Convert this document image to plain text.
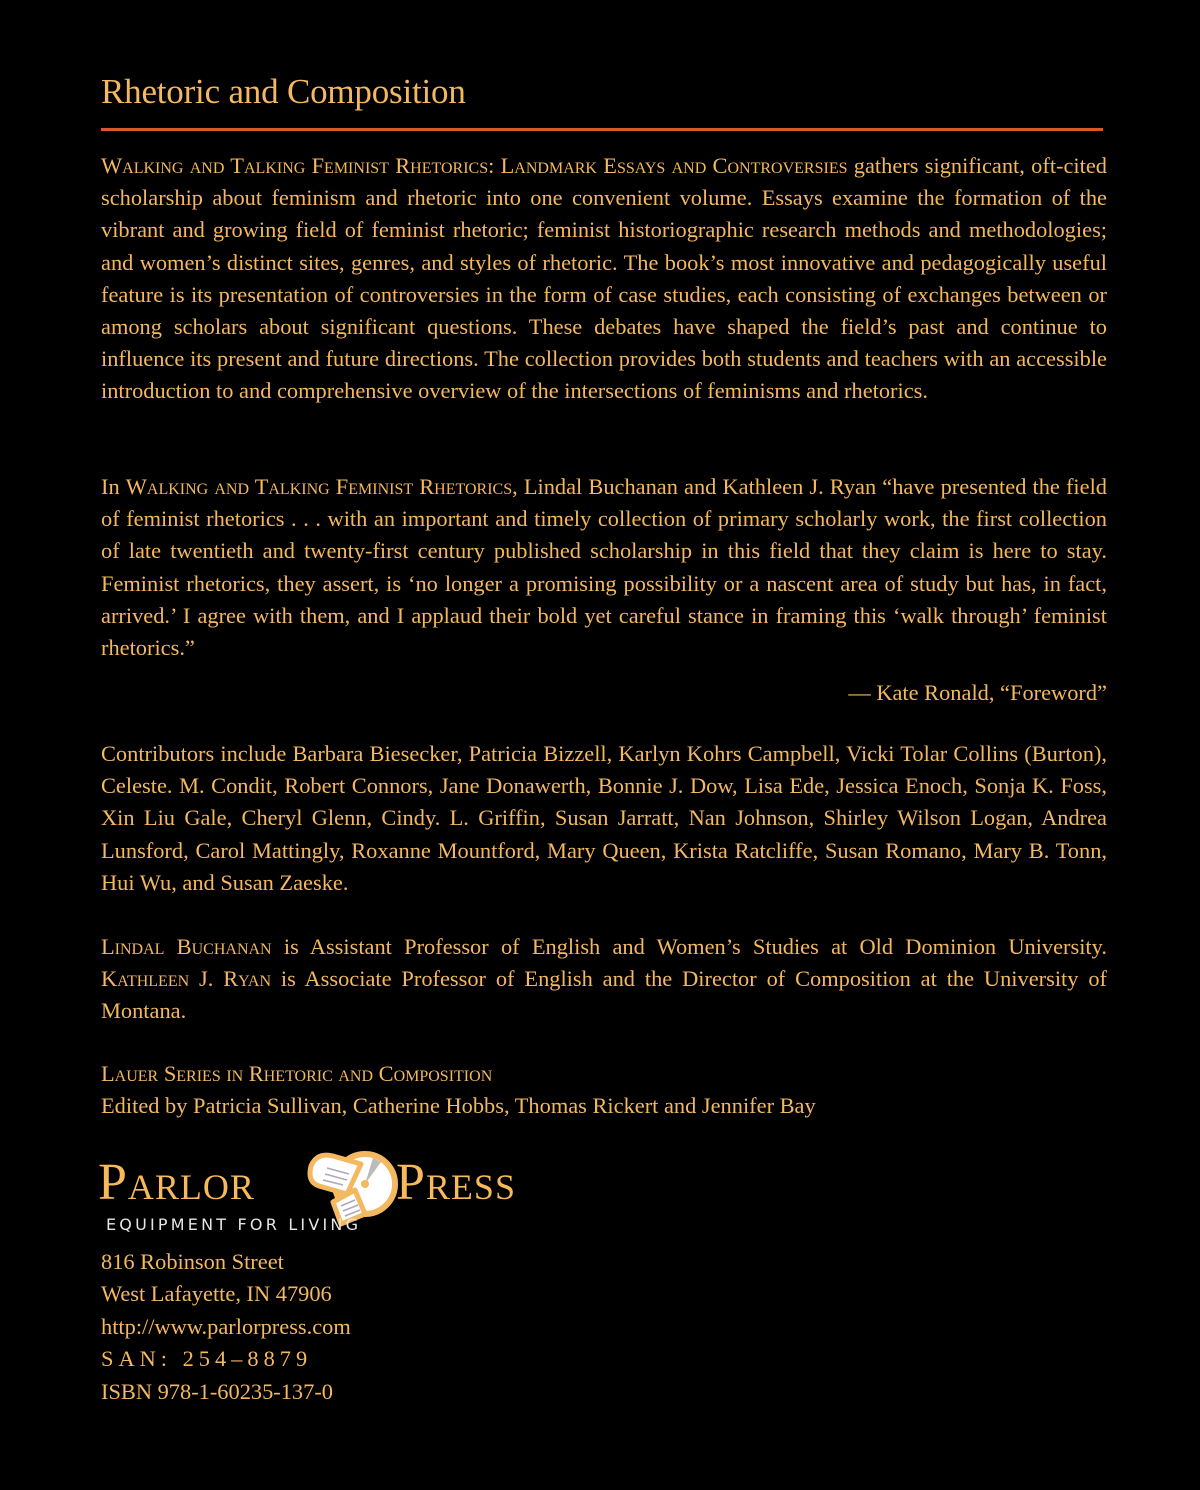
Rhetoric and Composition
Walking and Talking Feminist Rhetorics: Landmark Essays and Controversies gathers significant, oft-cited scholarship about feminism and rhetoric into one convenient volume. Essays examine the formation of the vibrant and growing field of feminist rhetoric; feminist historiographic research methods and methodologies; and women’s distinct sites, genres, and styles of rhetoric. The book’s most innovative and pedagogically useful feature is its presentation of controversies in the form of case studies, each consisting of exchanges between or among scholars about significant questions. These debates have shaped the field’s past and continue to influence its present and future directions. The collection provides both students and teachers with an accessible introduction to and comprehensive overview of the intersections of feminisms and rhetorics.
In Walking and Talking Feminist Rhetorics, Lindal Buchanan and Kathleen J. Ryan “have presented the field of feminist rhetorics . . . with an important and timely collection of primary scholarly work, the first collection of late twentieth and twenty-first century published scholarship in this field that they claim is here to stay. Feminist rhetorics, they assert, is ‘no longer a promising possibility or a nascent area of study but has, in fact, arrived.’ I agree with them, and I applaud their bold yet careful stance in framing this ‘walk through’ feminist rhetorics.”
— Kate Ronald, “Foreword”
Contributors include Barbara Biesecker, Patricia Bizzell, Karlyn Kohrs Campbell, Vicki Tolar Collins (Burton), Celeste. M. Condit, Robert Connors, Jane Donawerth, Bonnie J. Dow, Lisa Ede, Jessica Enoch, Sonja K. Foss, Xin Liu Gale, Cheryl Glenn, Cindy. L. Griffin, Susan Jarratt, Nan Johnson, Shirley Wilson Logan, Andrea Lunsford, Carol Mattingly, Roxanne Mountford, Mary Queen, Krista Ratcliffe, Susan Romano, Mary B. Tonn, Hui Wu, and Susan Zaeske.
Lindal Buchanan is Assistant Professor of English and Women’s Studies at Old Dominion University. Kathleen J. Ryan is Associate Professor of English and the Director of Composition at the University of Montana.
Lauer Series in Rhetoric and Composition
Edited by Patricia Sullivan, Catherine Hobbs, Thomas Rickert and Jennifer Bay
Parlor	Press
EQUIPMENT FOR LIVING
816 Robinson Street
West Lafayette, IN 47906
http://www.parlorpress.com
SAN: 254–8879
ISBN 978-1-60235-137-0
